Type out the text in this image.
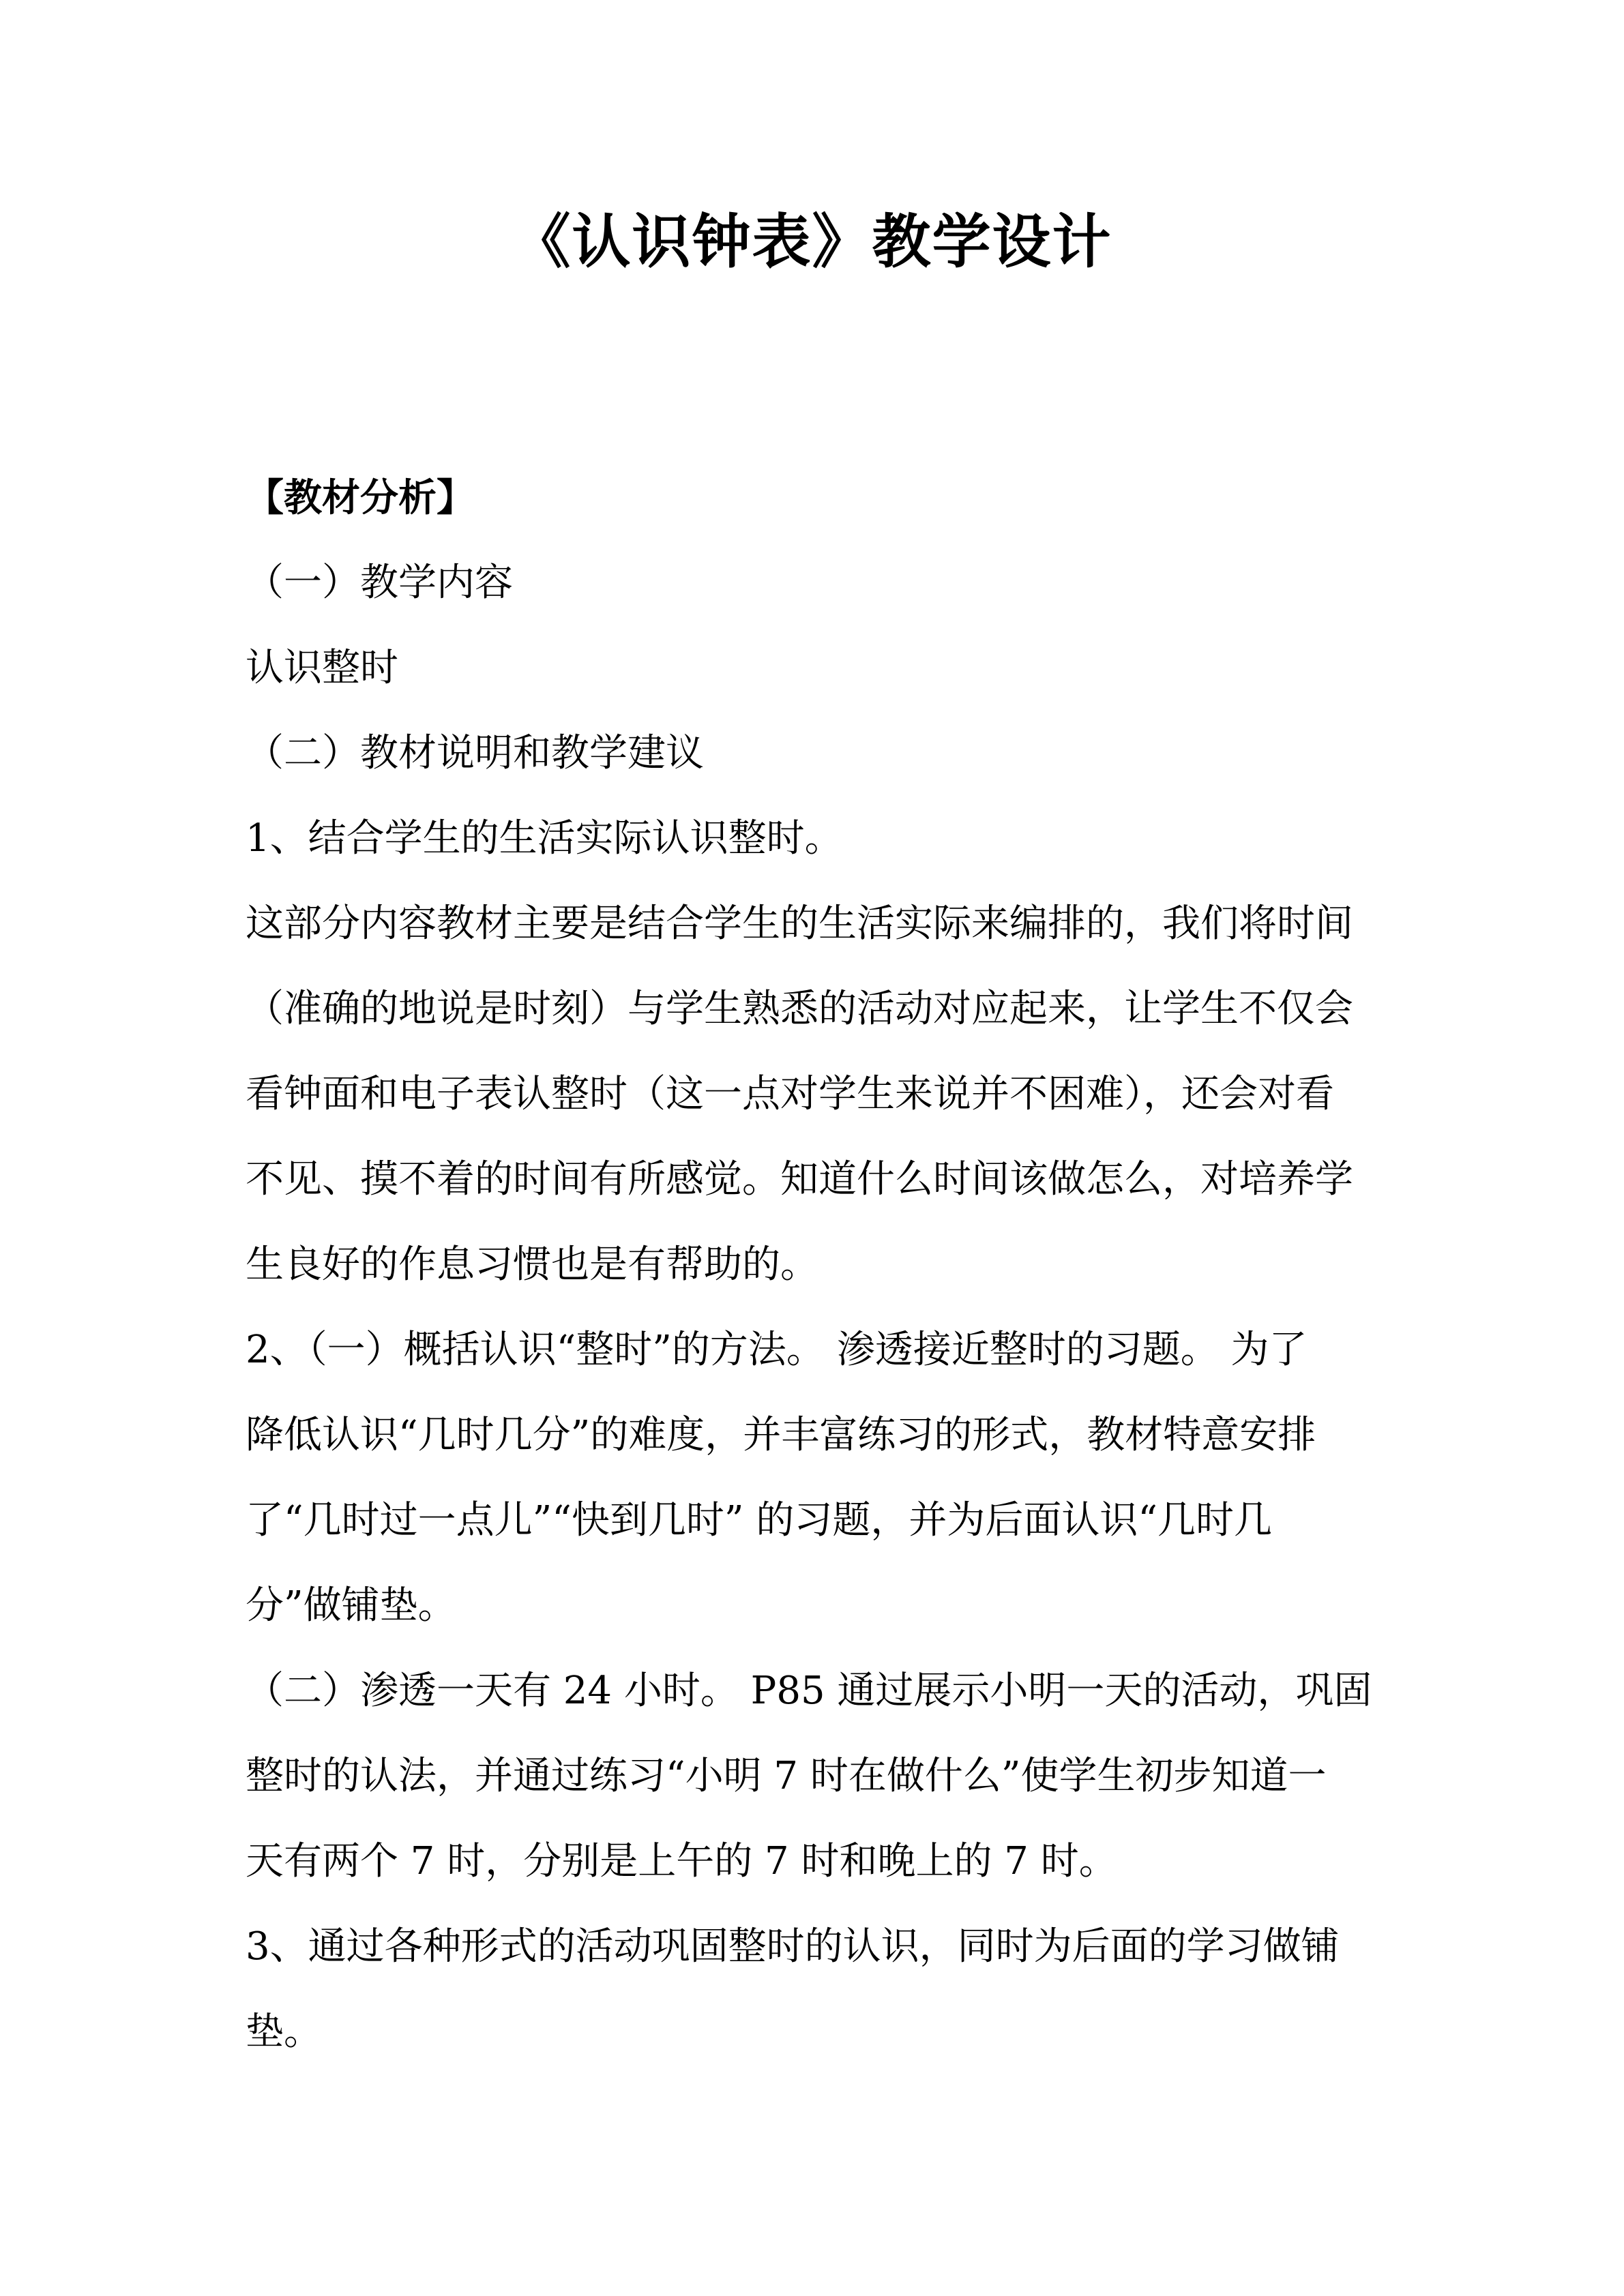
《认识钟表》教学设计
【教材分析】
（一）教学内容
认识整时
（二）教材说明和教学建议
1、结合学生的生活实际认识整时。
这部分内容教材主要是结合学生的生活实际来编排的，我们将时间
（准确的地说是时刻）与学生熟悉的活动对应起来，让学生不仅会
看钟面和电子表认整时（这一点对学生来说并不困难），还会对看
不见、摸不着的时间有所感觉。知道什么时间该做怎么，对培养学
生良好的作息习惯也是有帮助的。
2、（一）概括认识“整时”的方法。 渗透接近整时的习题。 为了
降低认识“几时几分”的难度，并丰富练习的形式，教材特意安排
了“几时过一点儿”“快到几时” 的习题，并为后面认识“几时几
分”做铺垫。
（二）渗透一天有 24 小时。 P85 通过展示小明一天的活动，巩固
整时的认法，并通过练习“小明 7 时在做什么”使学生初步知道一
天有两个 7 时，分别是上午的 7 时和晚上的 7 时。
3、通过各种形式的活动巩固整时的认识，同时为后面的学习做铺
垫。
